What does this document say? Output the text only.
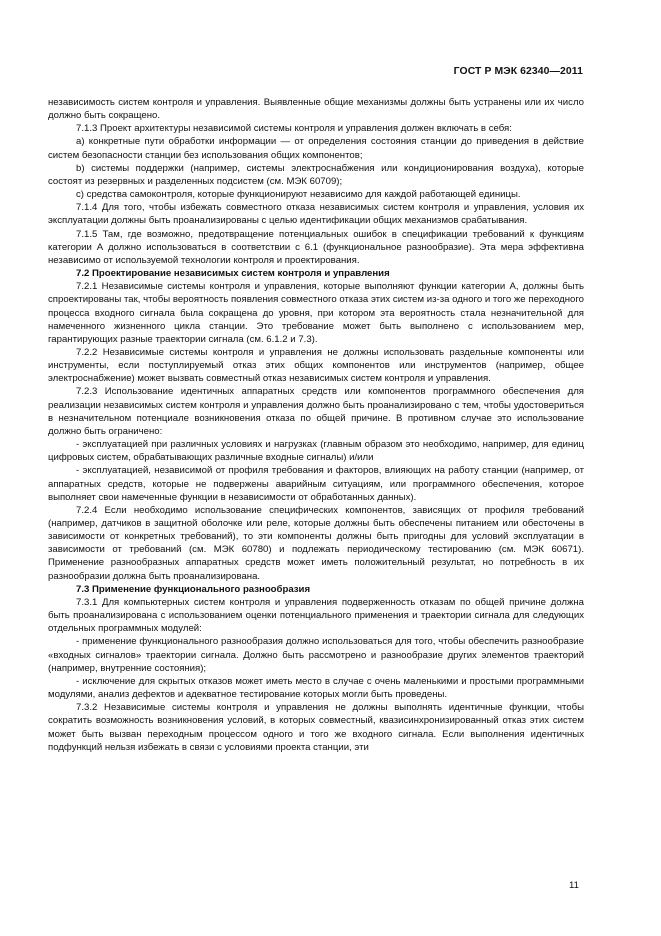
ГОСТ Р МЭК 62340—2011

независимость систем контроля и управления. Выявленные общие механизмы должны быть устранены или их число должно быть сокращено.

7.1.3 Проект архитектуры независимой системы контроля и управления должен включать в себя:

a) конкретные пути обработки информации — от определения состояния станции до приведения в действие систем безопасности станции без использования общих компонентов;

b) системы поддержки (например, системы электроснабжения или кондиционирования воздуха), которые состоят из резервных и разделенных подсистем (см. МЭК 60709);

c) средства самоконтроля, которые функционируют независимо для каждой работающей единицы.

7.1.4 Для того, чтобы избежать совместного отказа независимых систем контроля и управления, условия их эксплуатации должны быть проанализированы с целью идентификации общих механизмов срабатывания.

7.1.5 Там, где возможно, предотвращение потенциальных ошибок в спецификации требований к функциям категории А должно использоваться в соответствии с 6.1 (функциональное разнообразие). Эта мера эффективна независимо от используемой технологии контроля и проектирования.

7.2 Проектирование независимых систем контроля и управления

7.2.1 Независимые системы контроля и управления, которые выполняют функции категории А, должны быть спроектированы так, чтобы вероятность появления совместного отказа этих систем из-за одного и того же переходного процесса входного сигнала была сокращена до уровня, при котором эта вероятность стала незначительной для намеченного жизненного цикла станции. Это требование может быть выполнено с использованием мер, гарантирующих разные траектории сигнала (см. 6.1.2 и 7.3).

7.2.2 Независимые системы контроля и управления не должны использовать раздельные компоненты или инструменты, если поступлируемый отказ этих общих компонентов или инструментов (например, общее электроснабжение) может вызвать совместный отказ независимых систем контроля и управления.

7.2.3 Использование идентичных аппаратных средств или компонентов программного обеспечения для реализации независимых систем контроля и управления должно быть проанализировано с тем, чтобы удостовериться в незначительном потенциале возникновения отказа по общей причине. В противном случае это использование должно быть ограничено:

- эксплуатацией при различных условиях и нагрузках (главным образом это необходимо, например, для единиц цифровых систем, обрабатывающих различные входные сигналы) и/или

- эксплуатацией, независимой от профиля требования и факторов, влияющих на работу станции (например, от аппаратных средств, которые не подвержены аварийным ситуациям, или программного обеспечения, которое выполняет свои намеченные функции в независимости от обработанных данных).

7.2.4 Если необходимо использование специфических компонентов, зависящих от профиля требований (например, датчиков в защитной оболочке или реле, которые должны быть обеспечены питанием или обесточены в зависимости от конкретных требований), то эти компоненты должны быть пригодны для условий эксплуатации в зависимости от требований (см. МЭК 60780) и подлежать периодическому тестированию (см. МЭК 60671). Применение разнообразных аппаратных средств может иметь положительный результат, но потребность в их разнообразии должна быть проанализирована.

7.3 Применение функционального разнообразия

7.3.1 Для компьютерных систем контроля и управления подверженность отказам по общей причине должна быть проанализирована с использованием оценки потенциального применения и траектории сигнала для следующих отдельных программных модулей:

- применение функционального разнообразия должно использоваться для того, чтобы обеспечить разнообразие «входных сигналов» траектории сигнала. Должно быть рассмотрено и разнообразие других элементов траекторий (например, внутренние состояния);

- исключение для скрытых отказов может иметь место в случае с очень маленькими и простыми программными модулями, анализ дефектов и адекватное тестирование которых могли быть проведены.

7.3.2 Независимые системы контроля и управления не должны выполнять идентичные функции, чтобы сократить возможность возникновения условий, в которых совместный, квазисинхронизированный отказ этих систем может быть вызван переходным процессом одного и того же входного сигнала. Если выполнения идентичных подфункций нельзя избежать в связи с условиями проекта станции, эти

11
